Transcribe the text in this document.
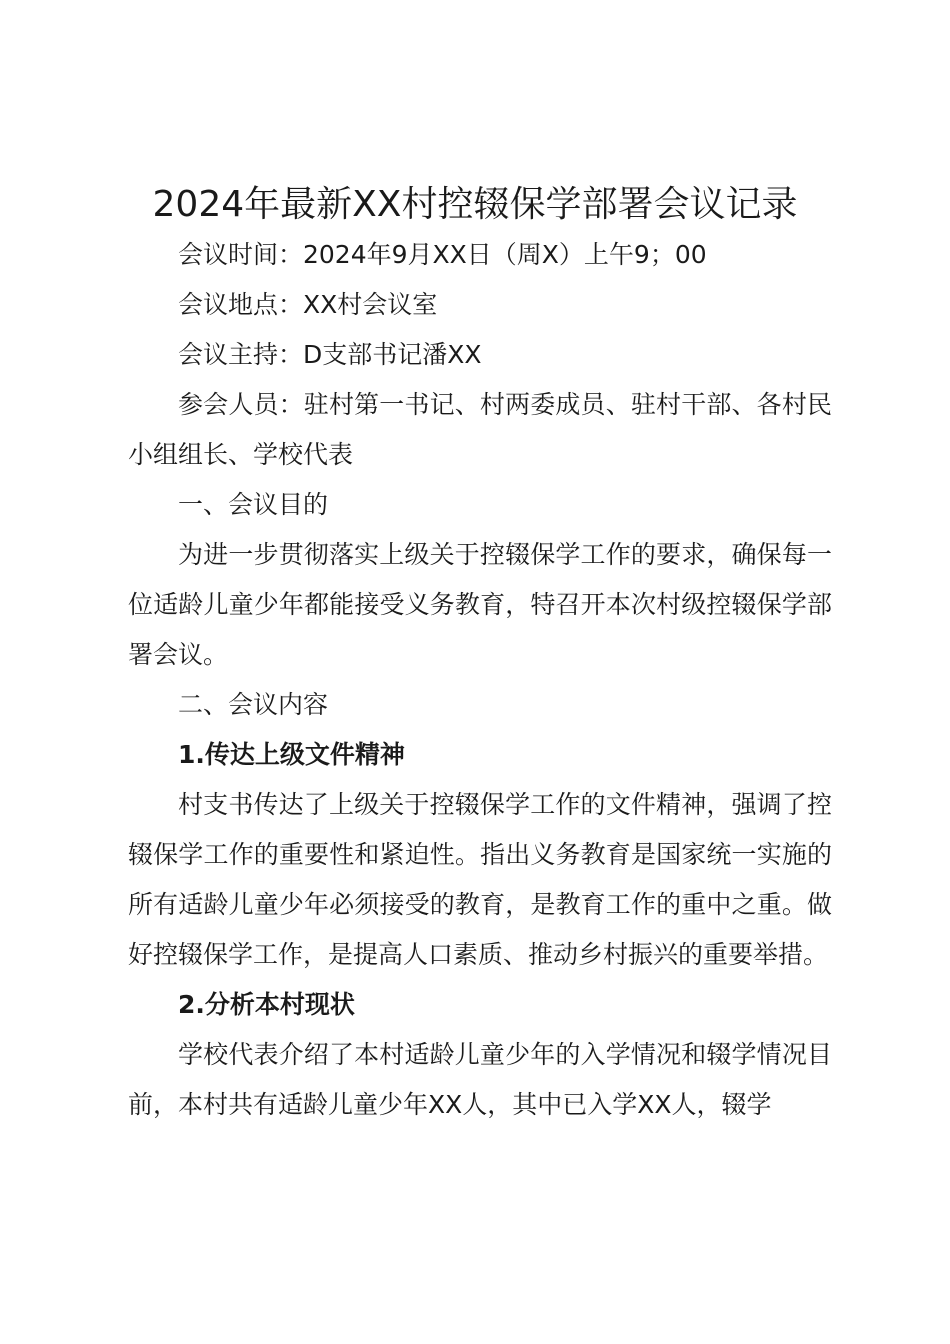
2024年最新XX村控辍保学部署会议记录

会议时间：2024年9月XX日（周X）上午9；00

会议地点：XX村会议室

会议主持：D支部书记潘XX

参会人员：驻村第一书记、村两委成员、驻村干部、各村民小组组长、学校代表

一、会议目的

为进一步贯彻落实上级关于控辍保学工作的要求，确保每一位适龄儿童少年都能接受义务教育，特召开本次村级控辍保学部署会议。

二、会议内容

1.传达上级文件精神

村支书传达了上级关于控辍保学工作的文件精神，强调了控辍保学工作的重要性和紧迫性。指出义务教育是国家统一实施的所有适龄儿童少年必须接受的教育，是教育工作的重中之重。做好控辍保学工作，是提高人口素质、推动乡村振兴的重要举措。

2.分析本村现状

学校代表介绍了本村适龄儿童少年的入学情况和辍学情况目前，本村共有适龄儿童少年XX人，其中已入学XX人，辍学
